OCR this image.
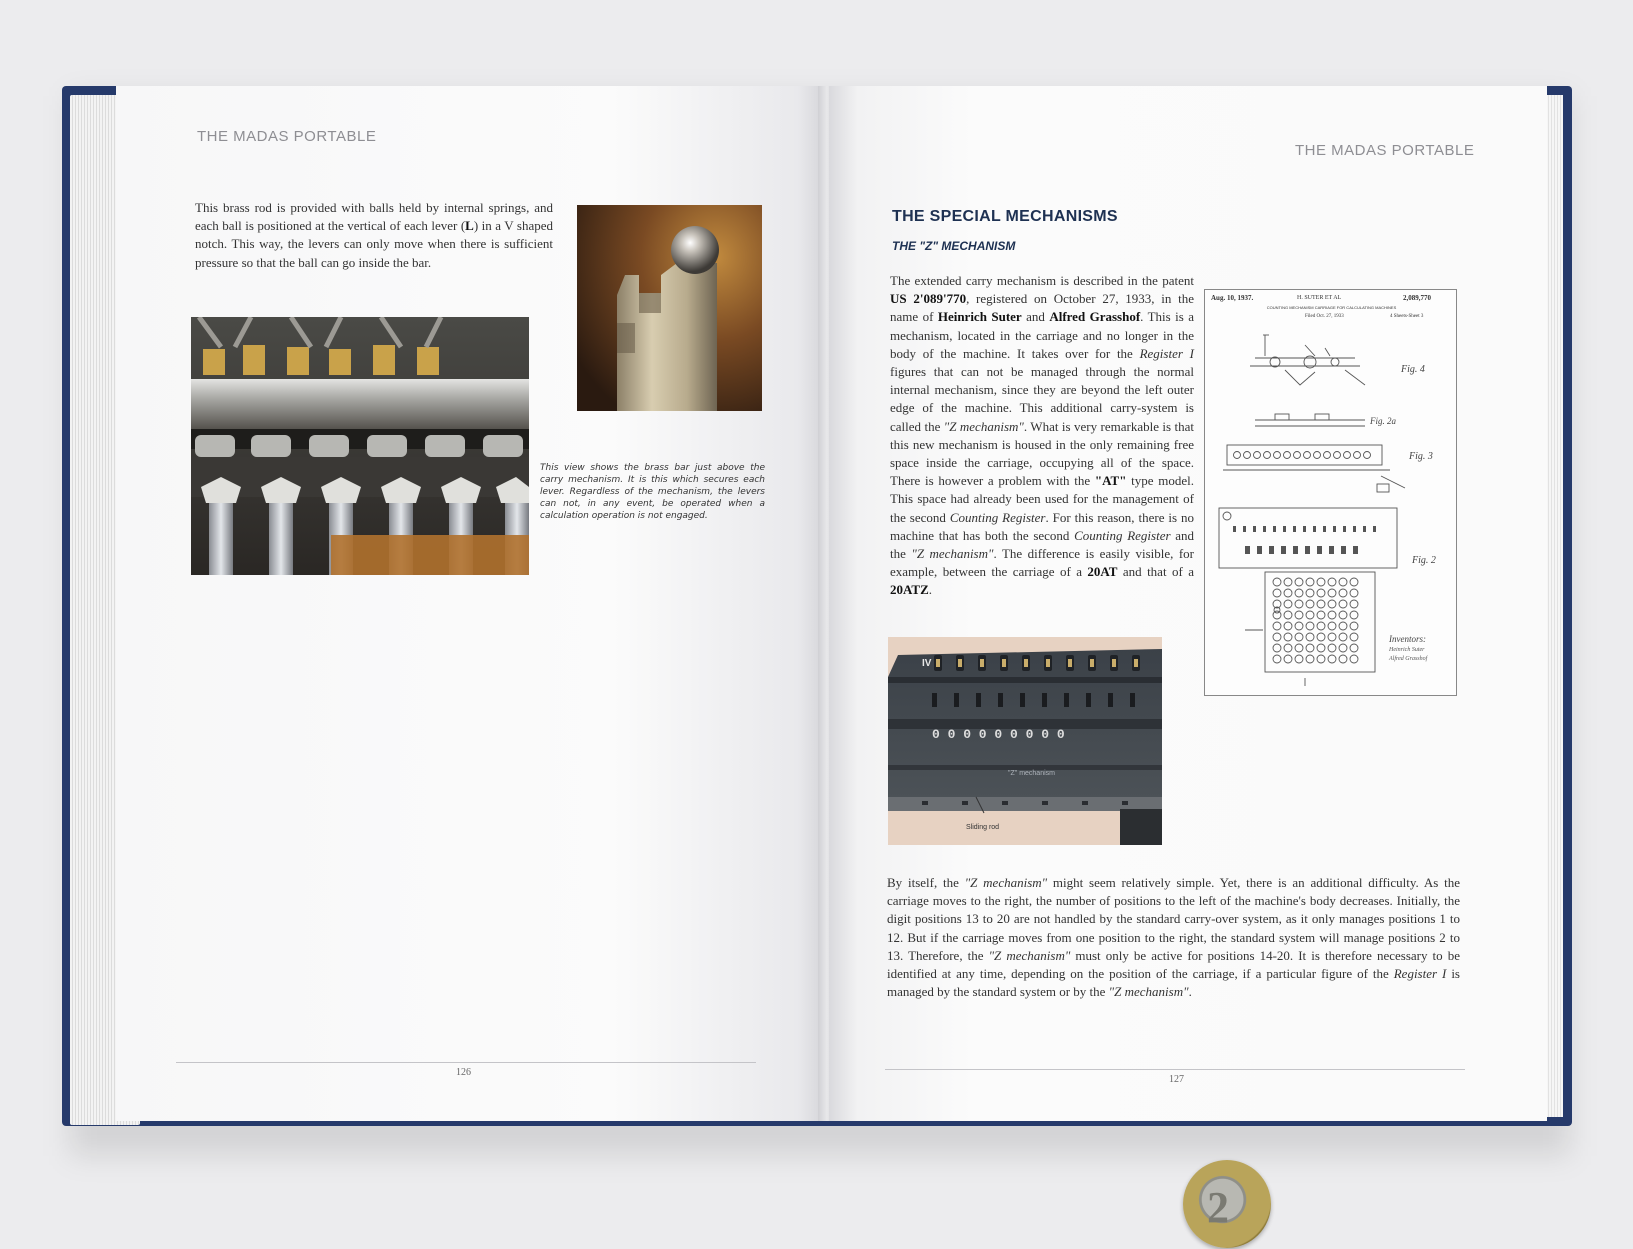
THE MADAS PORTABLE

This brass rod is provided with balls held by internal springs, and each ball is positioned at the vertical of each lever (L) in a V shaped notch. This way, the levers can only move when there is sufficient pressure so that the ball can go inside the bar.

This view shows the brass bar just above the carry mechanism. It is this which secures each lever. Regardless of the mechanism, the levers can not, in any event, be operated when a calculation operation is not engaged.

126
THE MADAS PORTABLE
THE SPECIAL MECHANISMS
THE "Z" MECHANISM

The extended carry mechanism is described in the patent US 2'089'770, registered on October 27, 1933, in the name of Heinrich Suter and Alfred Grasshof. This is a mechanism, located in the carriage and no longer in the body of the machine. It takes over for the Register I figures that can not be managed through the normal internal mechanism, since they are beyond the left outer edge of the machine. This additional carry-system is called the "Z mechanism". What is very remarkable is that this new mechanism is housed in the only remaining free space inside the carriage, occupying all of the space. There is however a problem with the "AT" type model. This space had already been used for the management of the second Counting Register. For this reason, there is no machine that has both the second Counting Register and the "Z mechanism". The difference is easily visible, for example, between the carriage of a 20AT and that of a 20ATZ.

Aug. 10, 1937.	H. SUTER ET AL	2,089,770
COUNTING MECHANISM CARRIAGE FOR CALCULATING MACHINES
Filed Oct. 27, 1933	4 Sheets-Sheet 3
Fig. 4
Fig. 2a
Fig. 3
Fig. 2
Inventors:
Heinrich Suter
Alfred Grasshof
IV
0 0 0 0 0 0 0 0 0
"Z" mechanism
Sliding rod

By itself, the "Z mechanism" might seem relatively simple. Yet, there is an additional difficulty. As the carriage moves to the right, the number of positions to the left of the machine's body decreases. Initially, the digit positions 13 to 20 are not handled by the standard carry-over system, as it only manages positions 1 to 12. But if the carriage moves from one position to the right, the standard system will manage positions 2 to 13. Therefore, the "Z mechanism" must only be active for positions 14-20. It is therefore necessary to be identified at any time, depending on the position of the carriage, if a particular figure of the Register I is managed by the standard system or by the "Z mechanism".

127
2
